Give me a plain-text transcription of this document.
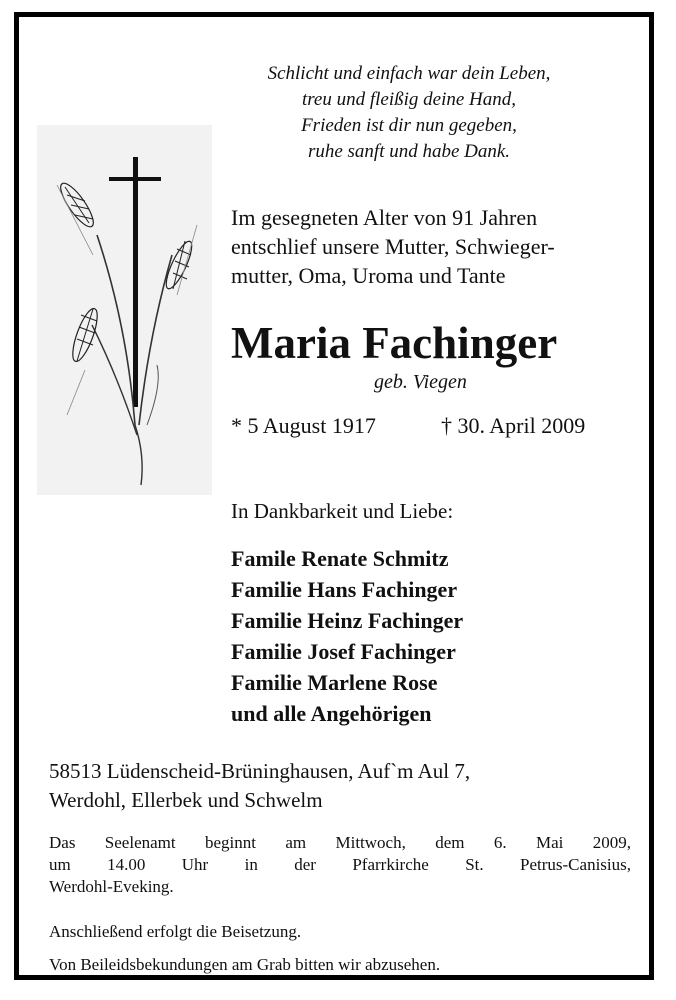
Schlicht und einfach war dein Leben,
treu und fleißig deine Hand,
Frieden ist dir nun gegeben,
ruhe sanft und habe Dank.
Im gesegneten Alter von 91 Jahren
entschlief unsere Mutter, Schwieger-
mutter, Oma, Uroma und Tante
Maria Fachinger
geb. Viegen
* 5 August 1917	† 30. April 2009
In Dankbarkeit und Liebe:
Famile Renate Schmitz
Familie Hans Fachinger
Familie Heinz Fachinger
Familie Josef Fachinger
Familie Marlene Rose
und alle Angehörigen
58513 Lüdenscheid-Brüninghausen, Auf`m Aul 7,
Werdohl, Ellerbek und Schwelm
Das Seelenamt beginnt am Mittwoch, dem 6. Mai 2009,
um 14.00 Uhr in der Pfarrkirche St. Petrus-Canisius,
Werdohl-Eveking.
Anschließend erfolgt die Beisetzung.
Von Beileidsbekundungen am Grab bitten wir abzusehen.
